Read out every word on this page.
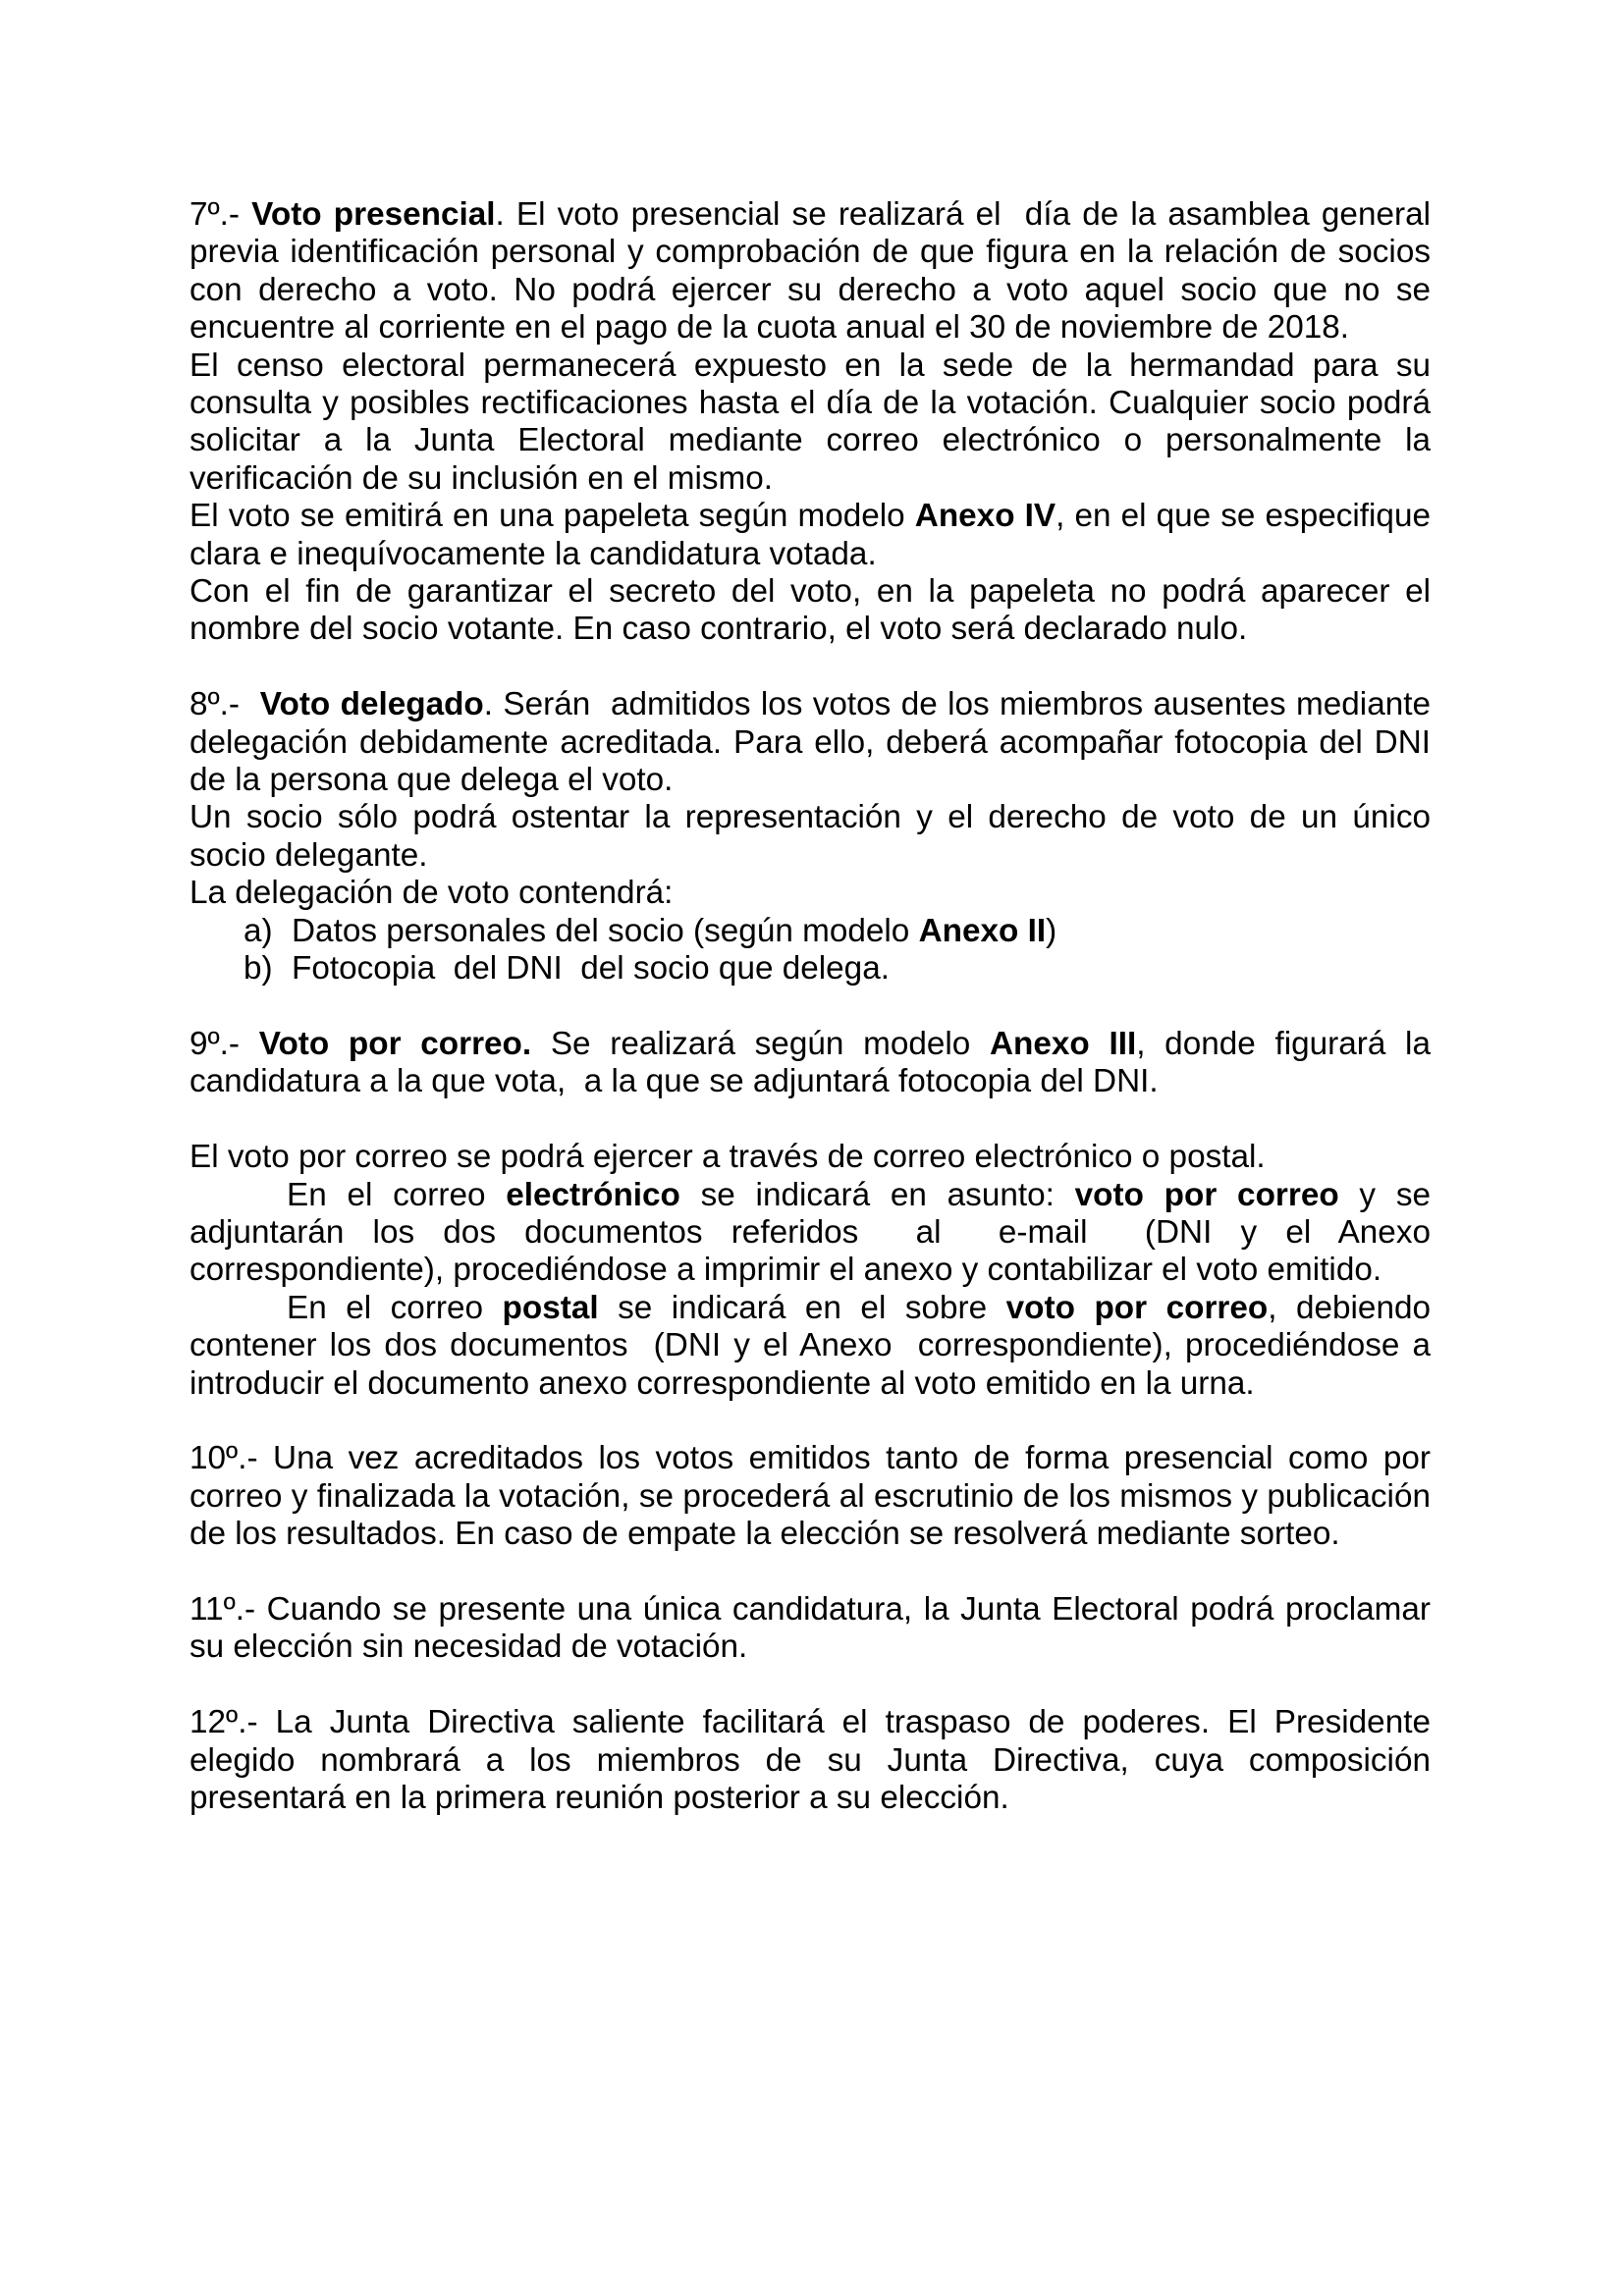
7º.- Voto presencial. El voto presencial se realizará el  día de la asamblea general previa identificación personal y comprobación de que figura en la relación de socios con derecho a voto. No podrá ejercer su derecho a voto aquel socio que no se encuentre al corriente en el pago de la cuota anual el 30 de noviembre de 2018.

El censo electoral permanecerá expuesto en la sede de la hermandad para su consulta y posibles rectificaciones hasta el día de la votación. Cualquier socio podrá solicitar a la Junta Electoral mediante correo electrónico o personalmente la verificación de su inclusión en el mismo.

El voto se emitirá en una papeleta según modelo Anexo IV, en el que se especifique clara e inequívocamente la candidatura votada.

Con el fin de garantizar el secreto del voto, en la papeleta no podrá aparecer el nombre del socio votante. En caso contrario, el voto será declarado nulo.

8º.-  Voto delegado. Serán  admitidos los votos de los miembros ausentes mediante delegación debidamente acreditada. Para ello, deberá acompañar fotocopia del DNI de la persona que delega el voto.

Un socio sólo podrá ostentar la representación y el derecho de voto de un único socio delegante.

La delegación de voto contendrá:

a) Datos personales del socio (según modelo Anexo II)

b) Fotocopia  del DNI  del socio que delega.

9º.- Voto por correo. Se realizará según modelo Anexo III, donde figurará la candidatura a la que vota,  a la que se adjuntará fotocopia del DNI.

El voto por correo se podrá ejercer a través de correo electrónico o postal.

En el correo electrónico se indicará en asunto: voto por correo y se adjuntarán los dos documentos referidos  al  e-mail  (DNI y el Anexo correspondiente), procediéndose a imprimir el anexo y contabilizar el voto emitido.

En el correo postal se indicará en el sobre voto por correo, debiendo contener los dos documentos  (DNI y el Anexo  correspondiente), procediéndose a introducir el documento anexo correspondiente al voto emitido en la urna.

10º.- Una vez acreditados los votos emitidos tanto de forma presencial como por correo y finalizada la votación, se procederá al escrutinio de los mismos y publicación de los resultados. En caso de empate la elección se resolverá mediante sorteo.

11º.- Cuando se presente una única candidatura, la Junta Electoral podrá proclamar su elección sin necesidad de votación.

12º.- La Junta Directiva saliente facilitará el traspaso de poderes. El Presidente elegido nombrará a los miembros de su Junta Directiva, cuya composición presentará en la primera reunión posterior a su elección.
